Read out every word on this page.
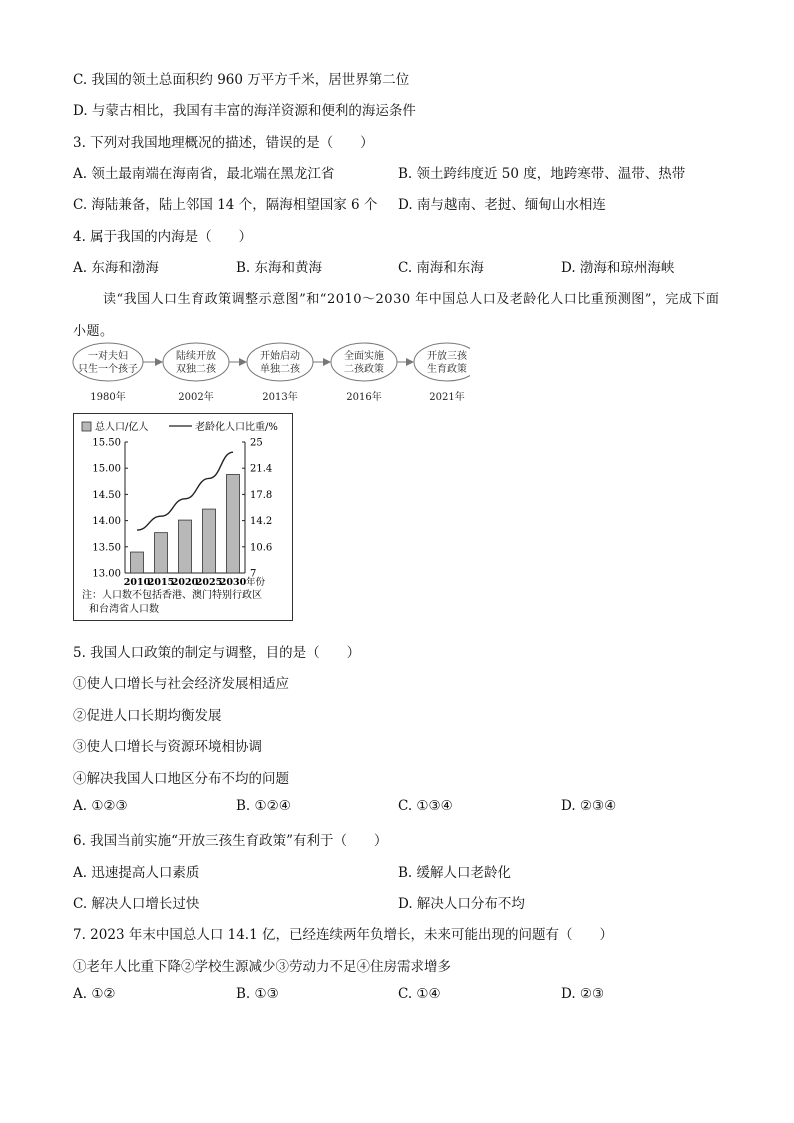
C. 我国的领土总面积约 960 万平方千米，居世界第二位
D. 与蒙古相比，我国有丰富的海洋资源和便利的海运条件
3. 下列对我国地理概况的描述，错误的是（　　）
A. 领土最南端在海南省，最北端在黑龙江省	B. 领土跨纬度近 50 度，地跨寒带、温带、热带
C. 海陆兼备，陆上邻国 14 个，隔海相望国家 6 个 D. 南与越南、老挝、缅甸山水相连
4. 属于我国的内海是（　　）
A. 东海和渤海	B. 东海和黄海	C. 南海和东海	D. 渤海和琼州海峡
读“我国人口生育政策调整示意图”和“2010～2030 年中国总人口及老龄化人口比重预测图”，完成下面
小题。
一对夫妇
只生一个孩子
1980年
陆续开放
双独二孩
2002年
开始启动
单独二孩
2013年
全面实施
二孩政策
2016年
开放三孩
生育政策
2021年
总人口/亿人	老龄化人口比重/%
13.00
13.50
14.00
14.50
15.00
15.50
7
10.6
14.2
17.8
21.4
25
2010
2015
2020
2025
2030 年份
注：人口数不包括香港、澳门特别行政区
和台湾省人口数
5. 我国人口政策的制定与调整，目的是（　　）
①使人口增长与社会经济发展相适应
②促进人口长期均衡发展
③使人口增长与资源环境相协调
④解决我国人口地区分布不均的问题
A. ①②③	B. ①②④	C. ①③④	D. ②③④
6. 我国当前实施“开放三孩生育政策”有利于（　　）
A. 迅速提高人口素质	B. 缓解人口老龄化
C. 解决人口增长过快	D. 解决人口分布不均
7. 2023 年末中国总人口 14.1 亿，已经连续两年负增长，未来可能出现的问题有（　　）
①老年人比重下降②学校生源减少③劳动力不足④住房需求增多
A. ①②	B. ①③	C. ①④	D. ②③
